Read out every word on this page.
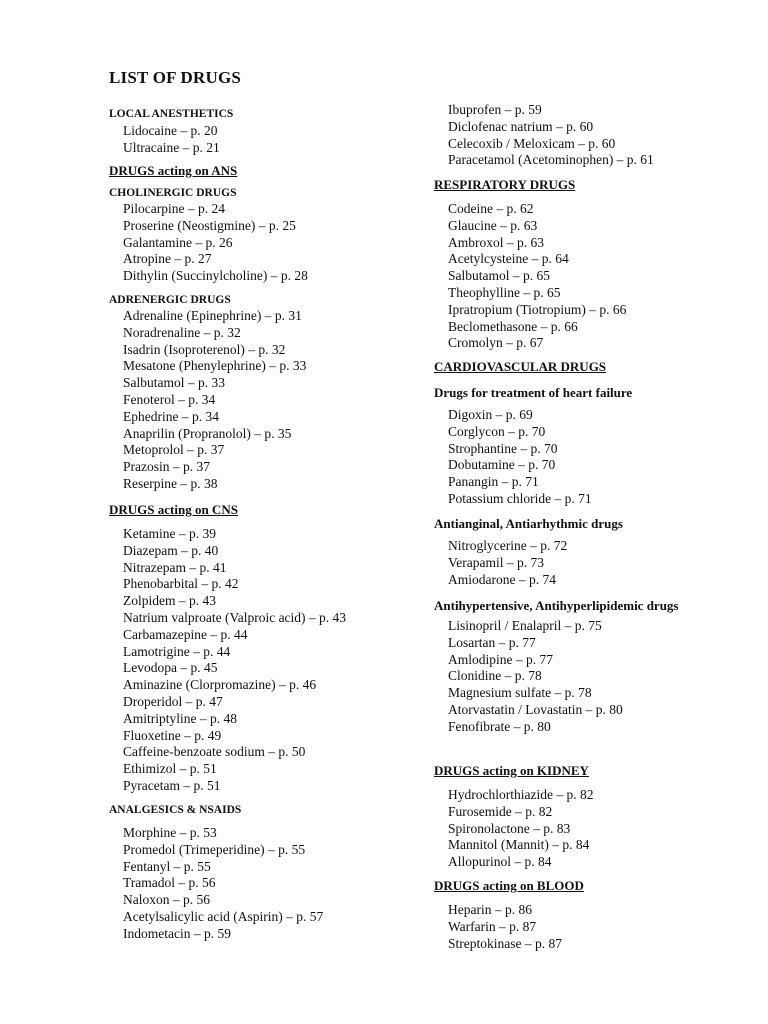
LIST OF DRUGS
LOCAL ANESTHETICS
Lidocaine – p. 20
Ultracaine – p. 21
DRUGS acting on ANS
CHOLINERGIC DRUGS
Pilocarpine – p. 24
Proserine (Neostigmine) – p. 25
Galantamine – p. 26
Atropine – p. 27
Dithylin (Succinylcholine) – p. 28
ADRENERGIC DRUGS
Adrenaline (Epinephrine) – p. 31
Noradrenaline – p. 32
Isadrin (Isoproterenol) – p. 32
Mesatone (Phenylephrine) – p. 33
Salbutamol – p. 33
Fenoterol – p. 34
Ephedrine – p. 34
Anaprilin (Propranolol) – p. 35
Metoprolol – p. 37
Prazosin – p. 37
Reserpine – p. 38
DRUGS acting on CNS
Ketamine – p. 39
Diazepam – p. 40
Nitrazepam – p. 41
Phenobarbital – p. 42
Zolpidem – p. 43
Natrium valproate (Valproic acid) – p. 43
Carbamazepine – p. 44
Lamotrigine – p. 44
Levodopa – p. 45
Aminazine (Clorpromazine) – p. 46
Droperidol – p. 47
Amitriptyline – p. 48
Fluoxetine – p. 49
Caffeine-benzoate sodium – p. 50
Ethimizol – p. 51
Pyracetam – p. 51
ANALGESICS & NSAIDS
Morphine – p. 53
Promedol (Trimeperidine) – p. 55
Fentanyl – p. 55
Tramadol – p. 56
Naloxon – p. 56
Acetylsalicylic acid (Aspirin) – p. 57
Indometacin – p. 59
Ibuprofen – p. 59
Diclofenac natrium – p. 60
Celecoxib / Meloxicam – p. 60
Paracetamol (Acetominophen) – p. 61
RESPIRATORY DRUGS
Codeine – p. 62
Glaucine – p. 63
Ambroxol – p. 63
Acetylcysteine – p. 64
Salbutamol – p. 65
Theophylline – p. 65
Ipratropium (Tiotropium) – p. 66
Beclomethasone – p. 66
Cromolyn – p. 67
CARDIOVASCULAR DRUGS
Drugs for treatment of heart failure
Digoxin – p. 69
Corglycon – p. 70
Strophantine – p. 70
Dobutamine – p. 70
Panangin – p. 71
Potassium chloride – p. 71
Antianginal, Antiarhythmic drugs
Nitroglycerine – p. 72
Verapamil – p. 73
Amiodarone – p. 74
Antihypertensive, Antihyperlipidemic drugs
Lisinopril / Enalapril – p. 75
Losartan – p. 77
Amlodipine – p. 77
Clonidine – p. 78
Magnesium sulfate – p. 78
Atorvastatin / Lovastatin – p. 80
Fenofibrate – p. 80
DRUGS acting on KIDNEY
Hydrochlorthiazide – p. 82
Furosemide – p. 82
Spironolactone – p. 83
Mannitol (Mannit) – p. 84
Allopurinol – p. 84
DRUGS acting on BLOOD
Heparin – p. 86
Warfarin – p. 87
Streptokinase – p. 87
